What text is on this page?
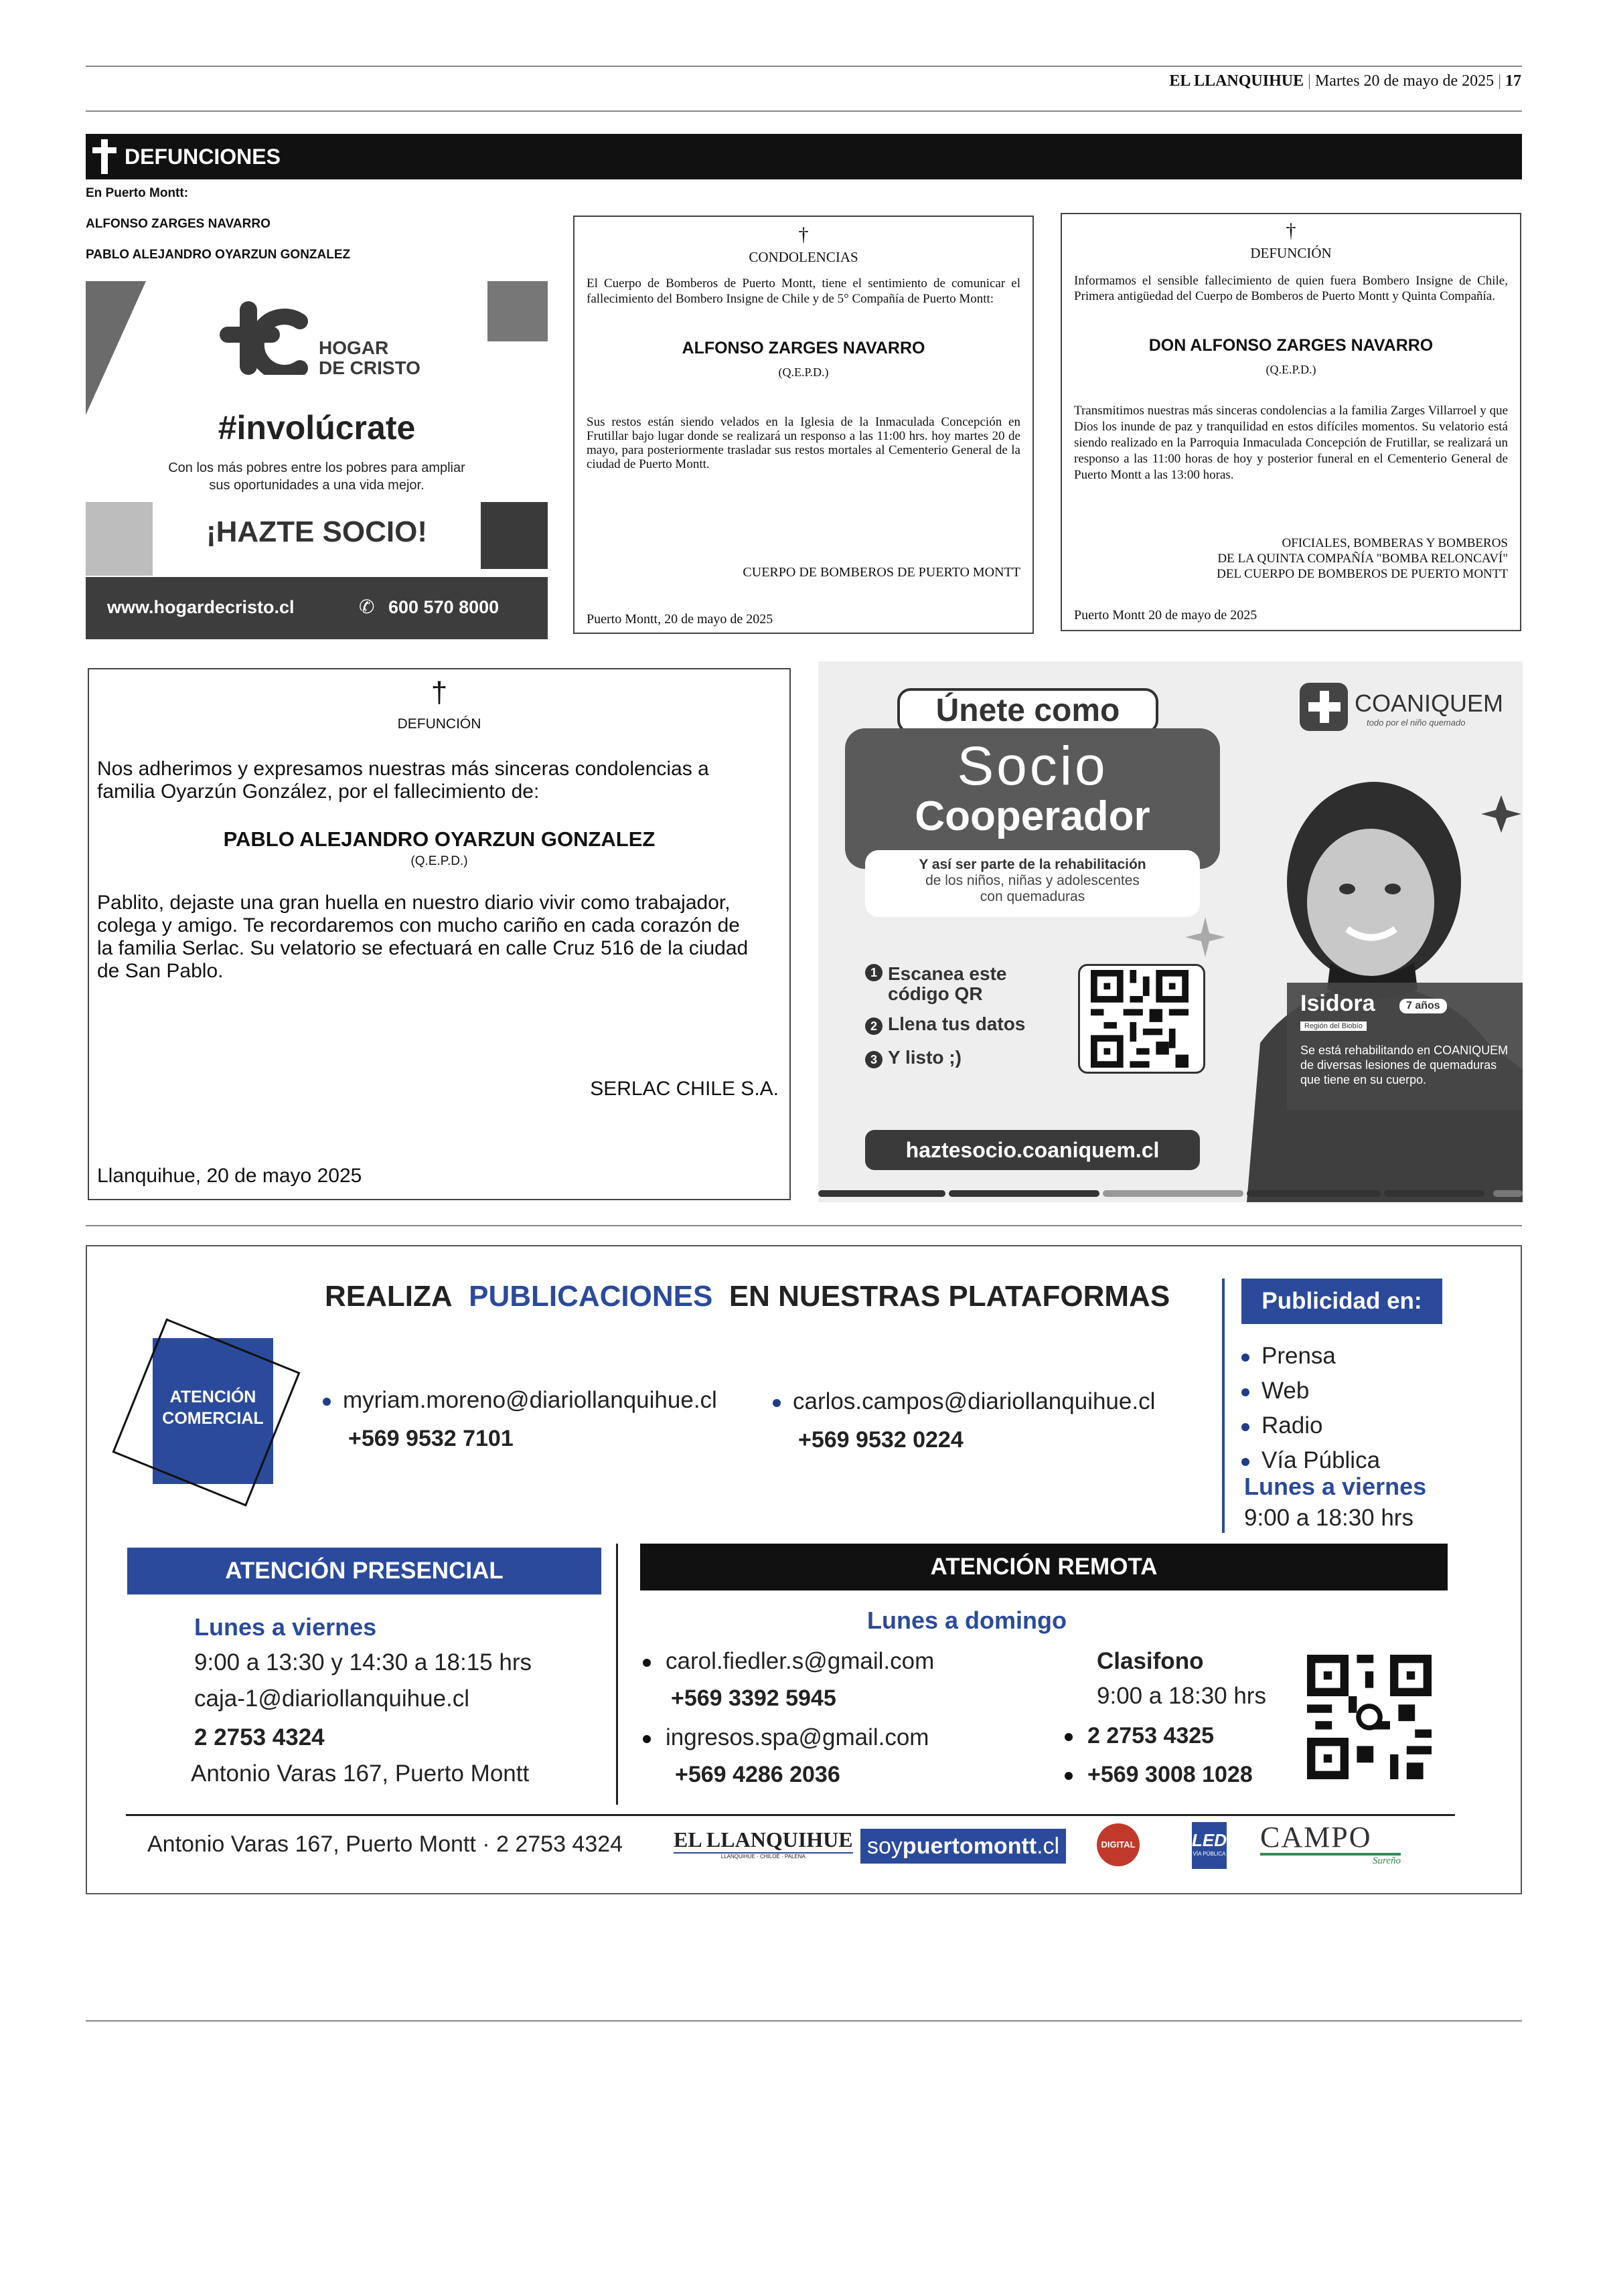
EL LLANQUIHUE | Martes 20 de mayo de 2025 | 17
DEFUNCIONES
En Puerto Montt:
ALFONSO ZARGES NAVARRO
PABLO ALEJANDRO OYARZUN GONZALEZ
HOGAR
DE CRISTO
#involúcrate
Con los más pobres entre los pobres para ampliar
sus oportunidades a una vida mejor.
¡HAZTE SOCIO!
www.hogardecristo.cl	✆ 600 570 8000
†
CONDOLENCIAS
El Cuerpo de Bomberos de Puerto Montt, tiene el sentimiento de comunicar el fallecimiento del Bombero Insigne de Chile y de 5° Compañía de Puerto Montt:
ALFONSO ZARGES NAVARRO
(Q.E.P.D.)
Sus restos están siendo velados en la Iglesia de la Inmaculada Concepción en Frutillar bajo lugar donde se realizará un responso a las 11:00 hrs. hoy martes 20 de mayo, para posteriormente trasladar sus restos mortales al Cementerio General de la ciudad de Puerto Montt.
CUERPO DE BOMBEROS DE PUERTO MONTT
Puerto Montt, 20 de mayo de 2025
†
DEFUNCIÓN
Informamos el sensible fallecimiento de quien fuera Bombero Insigne de Chile, Primera antigüedad del Cuerpo de Bomberos de Puerto Montt y Quinta Compañía.
DON ALFONSO ZARGES NAVARRO
(Q.E.P.D.)
Transmitimos nuestras más sinceras condolencias a la familia Zarges Villarroel y que Dios los inunde de paz y tranquilidad en estos difíciles momentos. Su velatorio está siendo realizado en la Parroquia Inmaculada Concepción de Frutillar, se realizará un responso a las 11:00 horas de hoy y posterior funeral en el Cementerio General de Puerto Montt a las 13:00 horas.
OFICIALES, BOMBERAS Y BOMBEROS
DE LA QUINTA COMPAÑÍA "BOMBA RELONCAVÍ"
DEL CUERPO DE BOMBEROS DE PUERTO MONTT
Puerto Montt 20 de mayo de 2025
†
DEFUNCIÓN
Nos adherimos y expresamos nuestras más sinceras condolencias a familia Oyarzún González, por el fallecimiento de:
PABLO ALEJANDRO OYARZUN GONZALEZ
(Q.E.P.D.)
Pablito, dejaste una gran huella en nuestro diario vivir como trabajador, colega y amigo. Te recordaremos con mucho cariño en cada corazón de la familia Serlac. Su velatorio se efectuará en calle Cruz 516 de la ciudad de San Pablo.
SERLAC CHILE S.A.
Llanquihue, 20 de mayo 2025
COANIQUEM
todo por el niño quemado
Únete como
Socio
Cooperador
Y así ser parte de la rehabilitación
de los niños, niñas y adolescentes
con quemaduras
1 Escanea este código QR
2 Llena tus datos
3 Y listo ;)
Isidora	7 años
Región del Biobío
Se está rehabilitando en COANIQUEM de diversas lesiones de quemaduras que tiene en su cuerpo.
haztesocio.coaniquem.cl
REALIZA PUBLICACIONES EN NUESTRAS PLATAFORMAS
ATENCIÓN COMERCIAL
myriam.moreno@diariollanquihue.cl
+569 9532 7101
carlos.campos@diariollanquihue.cl
+569 9532 0224
Publicidad en:
Prensa
Web
Radio
Vía Pública
Lunes a viernes
9:00 a 18:30 hrs
ATENCIÓN PRESENCIAL
Lunes a viernes
9:00 a 13:30 y 14:30 a 18:15 hrs
caja-1@diariollanquihue.cl
2 2753 4324
Antonio Varas 167, Puerto Montt
ATENCIÓN REMOTA
Lunes a domingo
carol.fiedler.s@gmail.com
+569 3392 5945
ingresos.spa@gmail.com
+569 4286 2036
Clasifono
9:00 a 18:30 hrs
2 2753 4325
+569 3008 1028
Antonio Varas 167, Puerto Montt · 2 2753 4324 EL LLANQUIHUE
LLANQUIHUE · CHILOÉ · PALENA	soypuertomontt.cl	DIGITAL	LED
VÍA PÚBLICA
CAMPO
Sureño
